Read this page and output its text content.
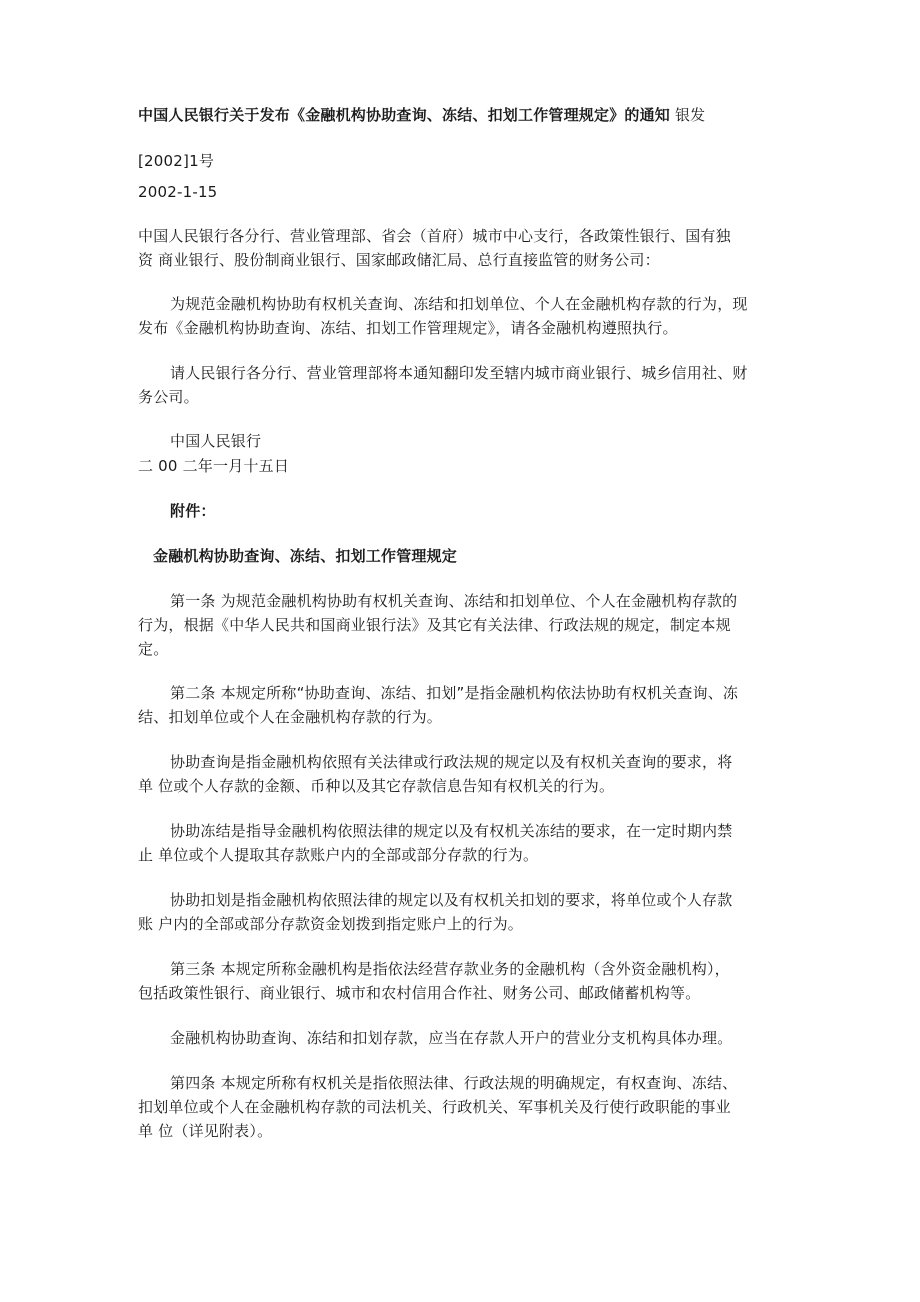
中国人民银行关于发布《金融机构协助查询、冻结、扣划工作管理规定》的通知 银发
[2002]1号
2002-1-15
中国人民银行各分行、营业管理部、省会（首府）城市中心支行，各政策性银行、国有独
资 商业银行、股份制商业银行、国家邮政储汇局、总行直接监管的财务公司：
为规范金融机构协助有权机关查询、冻结和扣划单位、个人在金融机构存款的行为，现
发布《金融机构协助查询、冻结、扣划工作管理规定》，请各金融机构遵照执行。
请人民银行各分行、营业管理部将本通知翻印发至辖内城市商业银行、城乡信用社、财
务公司。
中国人民银行
二 00 二年一月十五日
附件：
金融机构协助查询、冻结、扣划工作管理规定
第一条 为规范金融机构协助有权机关查询、冻结和扣划单位、个人在金融机构存款的
行为，根据《中华人民共和国商业银行法》及其它有关法律、行政法规的规定，制定本规
定。
第二条 本规定所称“协助查询、冻结、扣划”是指金融机构依法协助有权机关查询、冻
结、扣划单位或个人在金融机构存款的行为。
协助查询是指金融机构依照有关法律或行政法规的规定以及有权机关查询的要求，将
单 位或个人存款的金额、币种以及其它存款信息告知有权机关的行为。
协助冻结是指导金融机构依照法律的规定以及有权机关冻结的要求，在一定时期内禁
止 单位或个人提取其存款账户内的全部或部分存款的行为。
协助扣划是指金融机构依照法律的规定以及有权机关扣划的要求，将单位或个人存款
账 户内的全部或部分存款资金划拨到指定账户上的行为。
第三条 本规定所称金融机构是指依法经营存款业务的金融机构（含外资金融机构），
包括政策性银行、商业银行、城市和农村信用合作社、财务公司、邮政储蓄机构等。
金融机构协助查询、冻结和扣划存款，应当在存款人开户的营业分支机构具体办理。
第四条 本规定所称有权机关是指依照法律、行政法规的明确规定，有权查询、冻结、
扣划单位或个人在金融机构存款的司法机关、行政机关、军事机关及行使行政职能的事业
单 位（详见附表）。
